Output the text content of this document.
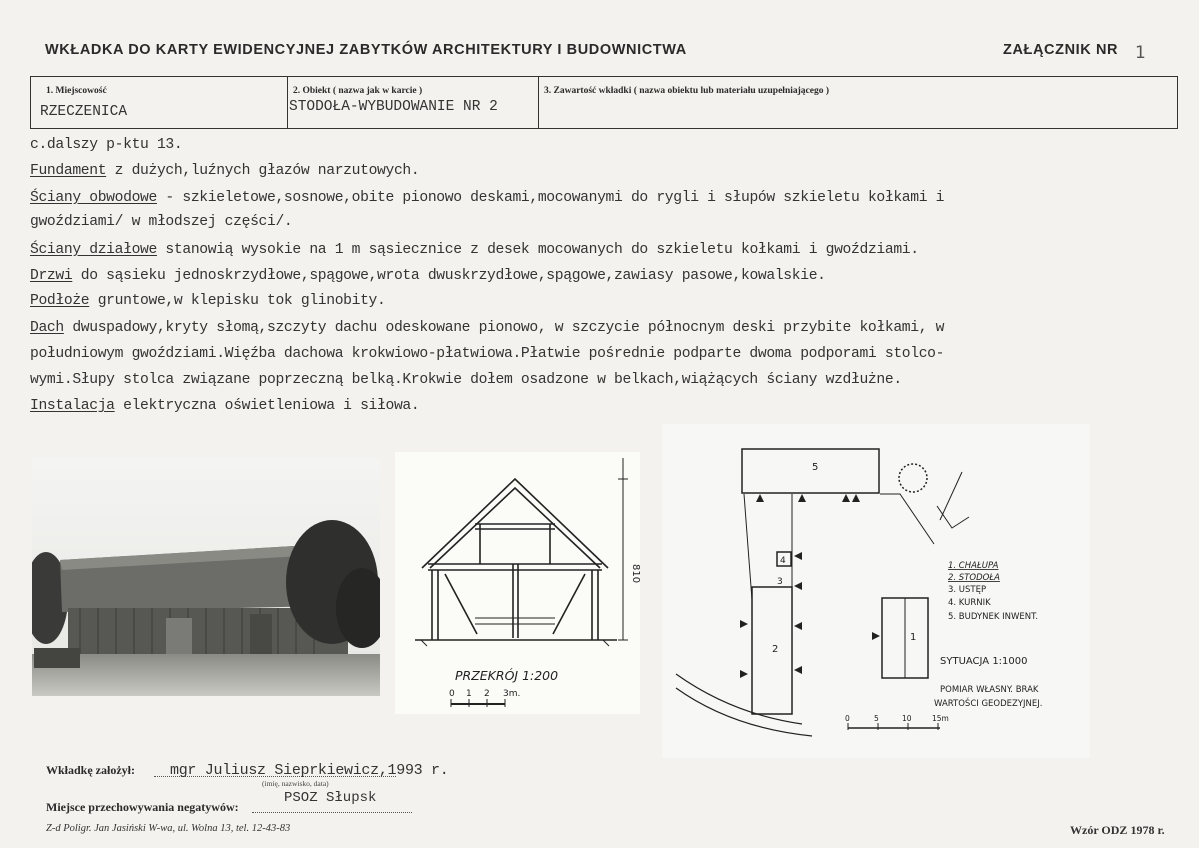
WKŁADKA DO KARTY EWIDENCYJNEJ ZABYTKÓW ARCHITEKTURY I BUDOWNICTWA	ZAŁĄCZNIK NR 1
1. Miejscowość
RZECZENICA
2. Obiekt ( nazwa jak w karcie )
STODOŁA-WYBUDOWANIE NR 2
3. Zawartość wkładki ( nazwa obiektu lub materiału uzupełniającego )
c.dalszy p-ktu 13.
Fundament z dużych,luźnych głazów narzutowych.
Ściany obwodowe - szkieletowe,sosnowe,obite pionowo deskami,mocowanymi do rygli i słupów szkieletu kołkami i
gwoździami/ w młodszej części/.
Ściany działowe stanowią wysokie na 1 m sąsiecznice z desek mocowanych do szkieletu kołkami i gwoździami.
Drzwi do sąsieku jednoskrzydłowe,spągowe,wrota dwuskrzydłowe,spągowe,zawiasy pasowe,kowalskie.
Podłoże gruntowe,w klepisku tok glinobity.
Dach dwuspadowy,kryty słomą,szczyty dachu odeskowane pionowo, w szczycie północnym deski przybite kołkami, w
południowym gwoździami.Więźba dachowa krokwiowo-płatwiowa.Płatwie pośrednie podparte dwoma podporami stolco-
wymi.Słupy stolca związane poprzeczną belką.Krokwie dołem osadzone w belkach,wiążących ściany wzdłużne.
Instalacja elektryczna oświetleniowa i siłowa.
810
PRZEKRÓJ 1:200
0 1 2 3m.
5
4
3
2
1
1. CHAŁUPA
2. STODOŁA
3. USTĘP
4. KURNIK
5. BUDYNEK INWENT.
SYTUACJA 1:1000
POMIAR WŁASNY. BRAK
WARTOŚCI GEODEZYJNEJ.
0	5	10	15m
Wkładkę założył: mgr Juliusz Sieprkiewicz,1993 r.
(imię, nazwisko, data)
Miejsce przechowywania negatywów:
PSOZ Słupsk
Z-d Poligr. Jan Jasiński W-wa, ul. Wolna 13, tel. 12-43-83	Wzór ODZ 1978 r.
